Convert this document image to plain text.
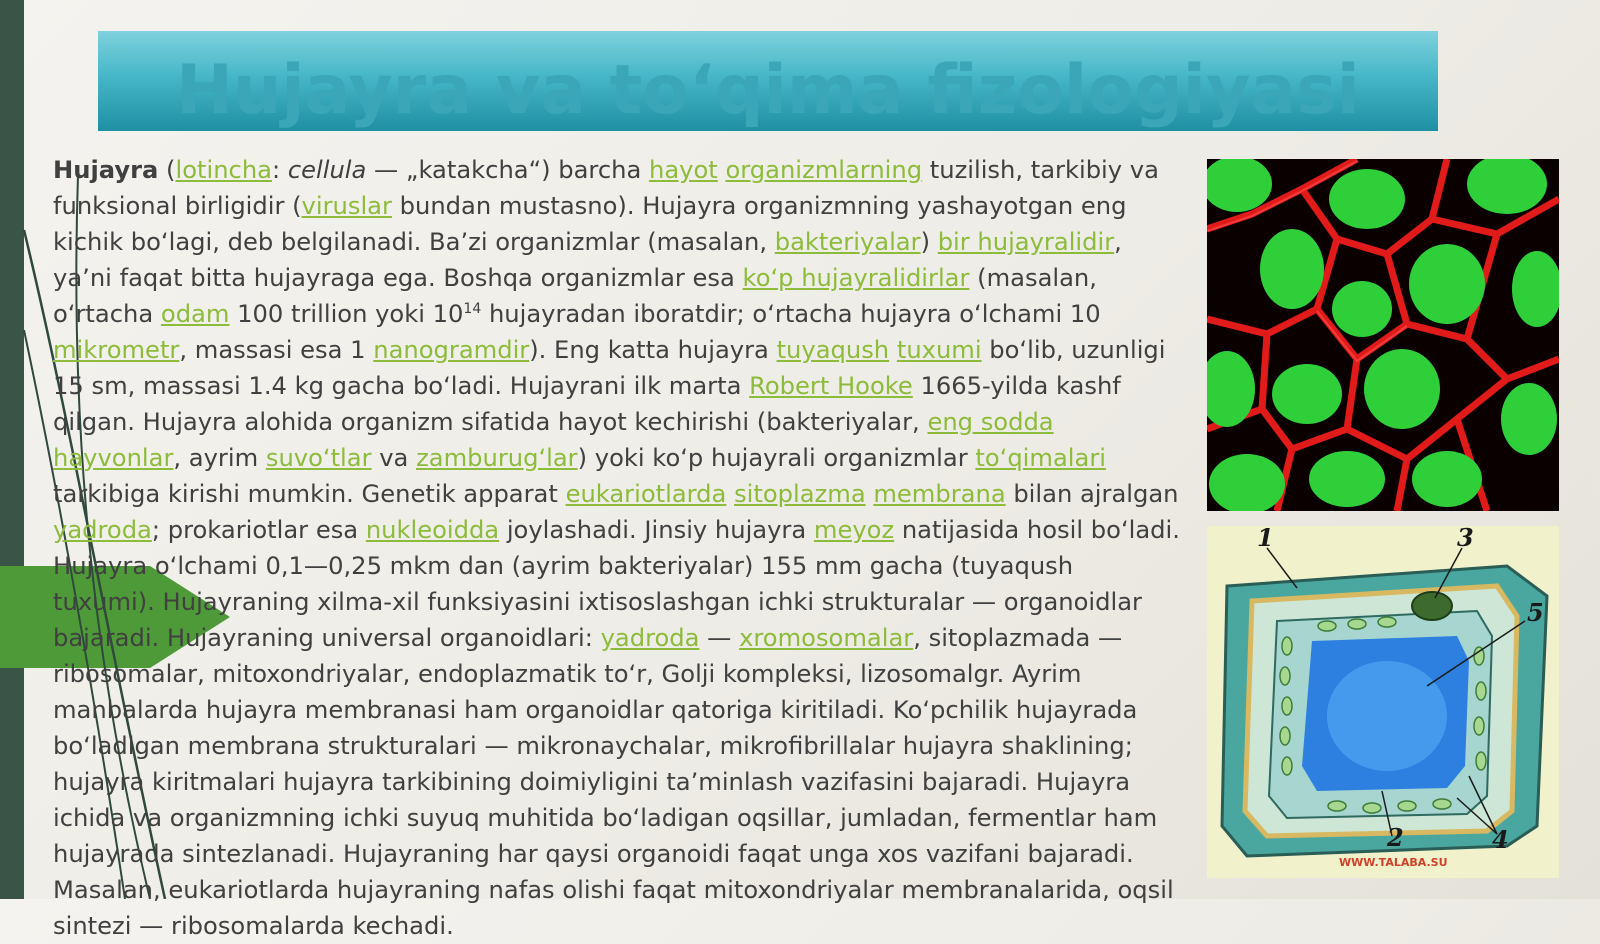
Hujayra va to‘qima fizologiyasi

Hujayra (lotincha: cellula — „katakcha“) barcha hayot organizmlarning tuzilish, tarkibiy va funksional birligidir (viruslar bundan mustasno). Hujayra organizmning yashayotgan eng kichik bo‘lagi, deb belgilanadi. Ba’zi organizmlar (masalan, bakteriyalar) bir hujayralidir, ya’ni faqat bitta hujayraga ega. Boshqa organizmlar esa ko‘p hujayralidirlar (masalan, o‘rtacha odam 100 trillion yoki $10^{14}$ hujayradan iboratdir; o‘rtacha hujayra o‘lchami 10 mikrometr, massasi esa 1 nanogramdir). Eng katta hujayra tuyaqush tuxumi bo‘lib, uzunligi 15 sm, massasi 1.4 kg gacha bo‘ladi. Hujayrani ilk marta Robert Hooke 1665-yilda kashf qilgan. Hujayra alohida organizm sifatida hayot kechirishi (bakteriyalar, eng sodda hayvonlar, ayrim suvo‘tlar va zamburug‘lar) yoki ko‘p hujayrali organizmlar to‘qimalari tarkibiga kirishi mumkin. Genetik apparat eukariotlarda sitoplazma membrana bilan ajralgan yadroda; prokariotlar esa nukleoidda joylashadi. Jinsiy hujayra meyoz natijasida hosil bo‘ladi.

Hujayra o‘lchami 0,1—0,25 mkm dan (ayrim bakteriyalar) 155 mm gacha (tuyaqush tuxumi). Hujayraning xilma-xil funksiyasini ixtisoslashgan ichki strukturalar — organoidlar bajaradi. Hujayraning universal organoidlari: yadroda — xromosomalar, sitoplazmada — ribosomalar, mitoxondriyalar, endoplazmatik to‘r, Golji kompleksi, lizosomalgr. Ayrim manbalarda hujayra membranasi ham organoidlar qatoriga kiritiladi. Ko‘pchilik hujayrada bo‘ladigan membrana strukturalari — mikronaychalar, mikrofibrillalar hujayra shaklining; hujayra kiritmalari hujayra tarkibining doimiyligini ta’minlash vazifasini bajaradi. Hujayra ichida va organizmning ichki suyuq muhitida bo‘ladigan oqsillar, jumladan, fermentlar ham hujayrada sintezlanadi. Hujayraning har qaysi organoidi faqat unga xos vazifani bajaradi. Masalan, eukariotlarda hujayraning nafas olishi faqat mitoxondriyalar membranalarida, oqsil sintezi — ribosomalarda kechadi.

1
2
3
4
5
WWW.TALABA.SU
